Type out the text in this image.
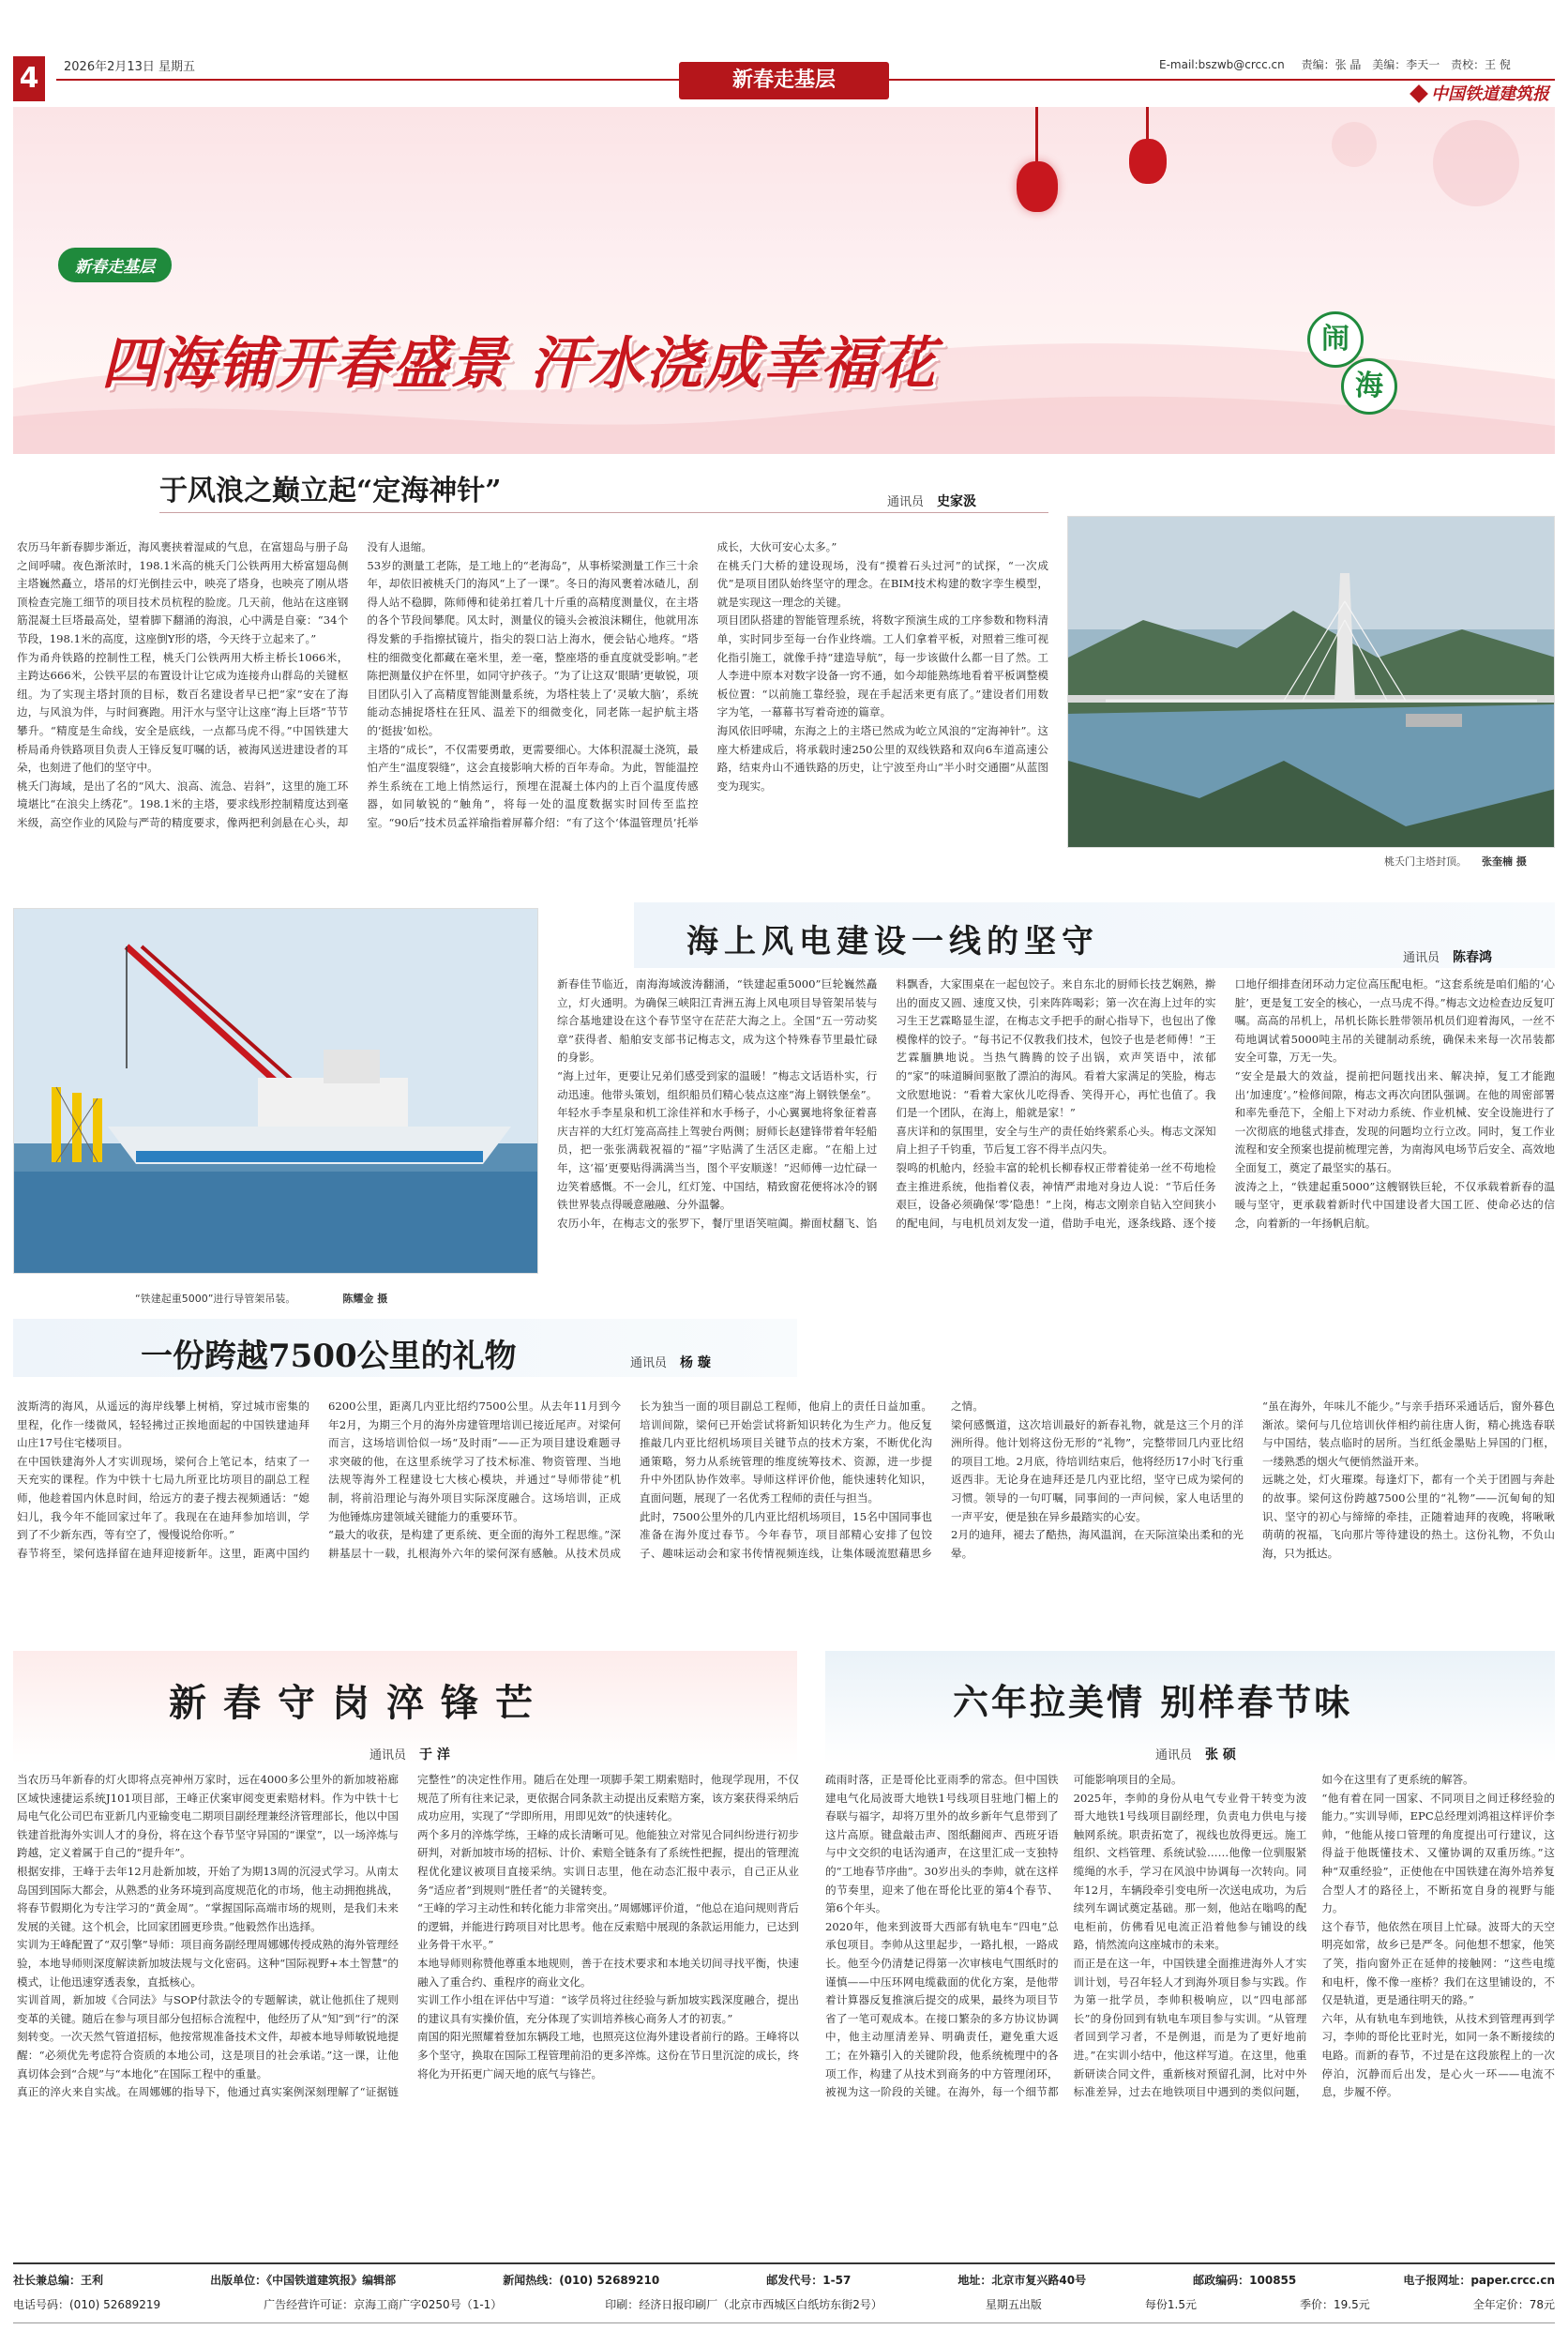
4	2026年2月13日 星期五
新春走基层
E-mail:bszwb@crcc.cn 责编：张 晶 美编：李天一 责校：王 倪
中国铁道建筑报
新春走基层
四海铺开春盛景 汗水浇成幸福花	闹
海
于风浪之巅立起“定海神针”	通讯员 史家汲
农历马年新春脚步渐近，海风裹挟着湿咸的气息，在富翅岛与册子岛之间呼啸。夜色渐浓时，198.1米高的桃夭门公铁两用大桥富翅岛侧主塔巍然矗立，塔吊的灯光倒挂云中，映亮了塔身，也映亮了刚从塔顶检查完施工细节的项目技术员杭程的脸庞。几天前，他站在这座钢筋混凝土巨塔最高处，望着脚下翻涌的海浪，心中满是自豪：“34个节段，198.1米的高度，这座倒Y形的塔，今天终于立起来了。”
作为甬舟铁路的控制性工程，桃夭门公铁两用大桥主桥长1066米，主跨达666米，公铁平层的布置设计让它成为连接舟山群岛的关键枢纽。为了实现主塔封顶的目标，数百名建设者早已把“家”安在了海边，与风浪为伴，与时间赛跑。用汗水与坚守让这座“海上巨塔”节节攀升。“精度是生命线，安全是底线，一点都马虎不得。”中国铁建大桥局甬舟铁路项目负责人王锋反复叮嘱的话，被海风送进建设者的耳朵，也刻进了他们的坚守中。
桃夭门海域，是出了名的“风大、浪高、流急、岩斜”，这里的施工环境堪比“在浪尖上绣花”。198.1米的主塔，要求线形控制精度达到毫米级，高空作业的风险与严苛的精度要求，像两把利剑悬在心头，却没有人退缩。
53岁的测量工老陈，是工地上的“老海岛”，从事桥梁测量工作三十余年，却依旧被桃夭门的海风“上了一课”。冬日的海风裹着冰碴儿，刮得人站不稳脚，陈师傅和徒弟扛着几十斤重的高精度测量仪，在主塔的各个节段间攀爬。风太时，测量仪的镜头会被浪沫糊住，他就用冻得发紫的手指擦拭镜片，指尖的裂口沾上海水，便会钻心地疼。“塔柱的细微变化都藏在毫米里，差一毫，整座塔的垂直度就受影响。”老陈把测量仪护在怀里，如同守护孩子。“为了让这双‘眼睛’更敏锐，项目团队引入了高精度智能测量系统，为塔柱装上了‘灵敏大脑’，系统能动态捕捉塔柱在狂风、温差下的细微变化，同老陈一起护航主塔的‘挺拔’如松。
主塔的“成长”，不仅需要勇敢，更需要细心。大体积混凝土浇筑，最怕产生“温度裂缝”，这会直接影响大桥的百年寿命。为此，智能温控养生系统在工地上悄然运行，预埋在混凝土体内的上百个温度传感器，如同敏锐的“触角”，将每一处的温度数据实时回传至监控室。“90后”技术员孟祥瑜指着屏幕介绍：“有了这个‘体温管理员’托举成长，大伙可安心太多。”
在桃夭门大桥的建设现场，没有“摸着石头过河”的试探，“一次成优”是项目团队始终坚守的理念。在BIM技术构建的数字孪生模型，就是实现这一理念的关键。
项目团队搭建的智能管理系统，将数字预演生成的工序参数和物料清单，实时同步至每一台作业终端。工人们拿着平板，对照着三维可视化指引施工，就像手持“建造导航”，每一步该做什么都一目了然。工人李进中原本对数字设备一窍不通，如今却能熟练地看着平板调整模板位置：“以前施工靠经验，现在手起活来更有底了。”建设者们用数字为笔，一幕幕书写着奇迹的篇章。
海风依旧呼啸，东海之上的主塔已然成为屹立风浪的“定海神针”。这座大桥建成后，将承载时速250公里的双线铁路和双向6车道高速公路，结束舟山不通铁路的历史，让宁波至舟山“半小时交通圈”从蓝图变为现实。
桃夭门主塔封顶。 张奎楠 摄
海上风电建设一线的坚守	通讯员 陈春鸿
“铁建起重5000”进行导管架吊装。	陈耀金 摄
新春佳节临近，南海海域波涛翻涌，“铁建起重5000”巨轮巍然矗立，灯火通明。为确保三峡阳江青洲五海上风电项目导管架吊装与综合基地建设在这个春节坚守在茫茫大海之上。全国“五一劳动奖章”获得者、船舶安支部书记梅志文，成为这个特殊春节里最忙碌的身影。
“海上过年，更要让兄弟们感受到家的温暖！”梅志文话语朴实，行动迅速。他带头策划，组织船员们精心装点这座“海上钢铁堡垒”。年轻水手李星泉和机工涂佳祥和水手杨子，小心翼翼地将象征着喜庆吉祥的大红灯笼高高挂上驾驶台两侧；厨师长赵建锋带着年轻船员，把一张张满载祝福的“福”字贴满了生活区走廊。“在船上过年，这‘福’更要贴得满满当当，图个平安顺遂！”迟师傅一边忙碌一边笑着感慨。不一会儿，红灯笼、中国结，精致窗花便将冰冷的钢铁世界装点得暖意融融、分外温馨。
农历小年，在梅志文的张罗下，餐厅里语笑喧阗。擀面杖翻飞、馅料飘香，大家围桌在一起包饺子。来自东北的厨师长技艺娴熟，擀出的面皮又圆、速度又快，引来阵阵喝彩；第一次在海上过年的实习生王艺霖略显生涩，在梅志文手把手的耐心指导下，也包出了像模像样的饺子。“每书记不仅教我们技术，包饺子也是老师傅！”王艺霖腼腆地说。当热气腾腾的饺子出锅，欢声笑语中，浓郁的“家”的味道瞬间驱散了漂泊的海风。看着大家满足的笑脸，梅志文欣慰地说：“看着大家伙儿吃得香、笑得开心，再忙也值了。我们是一个团队，在海上，船就是家！”
喜庆详和的氛围里，安全与生产的责任始终萦系心头。梅志文深知肩上担子千钧重，节后复工容不得半点闪失。
裂鸣的机舱内，经验丰富的轮机长柳春权正带着徒弟一丝不苟地检查主推进系统，他指着仪表，神情严肃地对身边人说：“节后任务艰巨，设备必须确保‘零’隐患！”上岗，梅志文刚亲自钻入空间狭小的配电间，与电机员刘友发一道，借助手电光，逐条线路、逐个接口地仔细排查闭环动力定位高压配电柜。“这套系统是咱们船的‘心脏’，更是复工安全的核心，一点马虎不得。”梅志文边检查边反复叮嘱。高高的吊机上，吊机长陈长胜带领吊机员们迎着海风，一丝不苟地调试着5000吨主吊的关键制动系统，确保未来每一次吊装都安全可靠，万无一失。
“安全是最大的效益，提前把问题找出来、解决掉，复工才能跑出‘加速度’。”检修间隙，梅志文再次向团队强调。在他的周密部署和率先垂范下，全船上下对动力系统、作业机械、安全设施进行了一次彻底的地毯式排查，发现的问题均立行立改。同时，复工作业流程和安全预案也提前梳理完善，为南海风电场节后安全、高效地全面复工，奠定了最坚实的基石。
波涛之上，“铁建起重5000”这艘钢铁巨轮，不仅承载着新春的温暖与坚守，更承载着新时代中国建设者大国工匠、使命必达的信念，向着新的一年扬帆启航。
一份跨越7500公里的礼物	通讯员 杨 璇
波斯湾的海风，从遥远的海岸线攀上树梢，穿过城市密集的里程，化作一缕微风，轻轻拂过正挨地面起的中国铁建迪拜山庄17号住宅楼项目。
在中国铁建海外人才实训现场，梁何合上笔记本，结束了一天充实的课程。作为中铁十七局九所亚比坊项目的副总工程师，他趁着国内休息时间，给远方的妻子搜去视频通话：“媳妇儿，我今年不能回家过年了。我现在在迪拜参加培训，学到了不少新东西，等有空了，慢慢说给你听。”
春节将至，梁何选择留在迪拜迎接新年。这里，距离中国约6200公里，距离几内亚比绍约7500公里。从去年11月到今年2月，为期三个月的海外房建管理培训已接近尾声。对梁何而言，这场培训恰似一场“及时雨”——正为项目建设难题寻求突破的他，在这里系统学习了技术标准、物资管理、当地法规等海外工程建设七大核心模块，并通过“导师带徒”机制，将前沿理论与海外项目实际深度融合。这场培训，正成为他锤炼房建领域关键能力的重要环节。
“最大的收获，是构建了更系统、更全面的海外工程思维。”深耕基层十一载，扎根海外六年的梁何深有感触。从技术员成长为独当一面的项目副总工程师，他肩上的责任日益加重。培训间隙，梁何已开始尝试将新知识转化为生产力。他反复推敲几内亚比绍机场项目关键节点的技术方案，不断优化沟通策略，努力从系统管理的维度统筹技术、资源，进一步提升中外团队协作效率。导师这样评价他，能快速转化知识，直面问题，展现了一名优秀工程师的责任与担当。
此时，7500公里外的几内亚比绍机场项目，15名中国同事也准备在海外度过春节。今年春节，项目部精心安排了包饺子、趣味运动会和家书传情视频连线，让集体暖流慰藉思乡之情。
梁何感慨道，这次培训最好的新春礼物，就是这三个月的洋洲所得。他计划将这份无形的“礼物”，完整带回几内亚比绍的项目工地。2月底，待培训结束后，他将经历17小时飞行重返西非。无论身在迪拜还是几内亚比绍，坚守已成为梁何的习惯。领导的一句叮嘱，同事间的一声问候，家人电话里的一声平安，便是独在异乡最踏实的心安。
2月的迪拜，褪去了酷热，海风温润，在天际渲染出柔和的光晕。
“虽在海外，年味儿不能少。”与亲手捂环采通话后，窗外暮色渐浓。梁何与几位培训伙伴相约前往唐人街，精心挑选春联与中国结，装点临时的居所。当红纸金墨贴上异国的门框，一缕熟悉的烟火气便悄然溢开来。
远眺之处，灯火璀璨。每逢灯下，都有一个关于团圆与奔赴的故事。梁何这份跨越7500公里的“礼物”——沉甸甸的知识、坚守的初心与缔缔的牵挂，正随着迪拜的夜晚，将啾啾萌萌的祝福，飞向那片等待建设的热土。这份礼物，不负山海，只为抵达。
新春守岗淬锋芒
通讯员 于 洋
当农历马年新春的灯火即将点亮神州万家时，远在4000多公里外的新加坡裕廊区域快速捷运系统J101项目部，王峰正伏案审阅变更索赔材料。作为中铁十七局电气化公司巴布亚新几内亚输变电二期项目副经理兼经济管理部长，他以中国铁建首批海外实训人才的身份，将在这个春节坚守异国的“课堂”，以一场淬炼与跨越，定义着属于自己的“提升年”。
根据安排，王峰于去年12月赴新加坡，开始了为期13周的沉浸式学习。从南太岛国到国际大都会，从熟悉的业务环境到高度规范化的市场，他主动拥抱挑战，将春节假期化为专注学习的“黄金周”。“掌握国际高端市场的规则，是我们未来发展的关键。这个机会，比回家团圆更珍贵。”他毅然作出选择。
实训为王峰配置了“双引擎”导师：项目商务副经理周娜娜传授成熟的海外管理经验，本地导师则深度解读新加坡法规与文化密码。这种“国际视野+本土智慧”的模式，让他迅速穿透表象，直抵核心。
实训首周，新加坡《合同法》与SOP付款法令的专题解读，就让他抓住了规则变革的关键。随后在参与项目部分包招标合流程中，他经历了从“知”到“行”的深刻转变。一次天然气管道招标，他按常规准备技术文件，却被本地导师敏锐地提醒：“必须优先考虑符合资质的本地公司，这是项目的社会承诺。”这一课，让他真切体会到“合规”与“本地化”在国际工程中的重量。
真正的淬火来自实战。在周娜娜的指导下，他通过真实案例深刻理解了“证据链完整性”的决定性作用。随后在处理一项脚手架工期索赔时，他现学现用，不仅规范了所有往来记录，更依据合同条款主动提出反索赔方案，该方案获得采纳后成功应用，实现了“学即所用，用即见效”的快速转化。
两个多月的淬炼学练，王峰的成长清晰可见。他能独立对常见合同纠纷进行初步研判，对新加坡市场的招标、计价、索赔全链条有了系统性把握，提出的管理流程优化建议被项目直接采纳。实训日志里，他在动态汇报中表示，自己正从业务“适应者”到规则“胜任者”的关键转变。
“王峰的学习主动性和转化能力非常突出。”周娜娜评价道，“他总在追问规则背后的逻辑，并能进行跨项目对比思考。他在反索赔中展现的条款运用能力，已达到业务骨干水平。”
本地导师则称赞他尊重本地规则，善于在技术要求和本地关切间寻找平衡，快速融入了重合约、重程序的商业文化。
实训工作小组在评估中写道：“该学员将过往经验与新加坡实践深度融合，提出的建议具有实操价值，充分体现了实训培养核心商务人才的初衷。”
南国的阳光照耀着登加东辆段工地，也照亮这位海外建设者前行的路。王峰将以多个坚守，换取在国际工程管理前沿的更多淬炼。这份在节日里沉淀的成长，终将化为开拓更广阔天地的底气与锋芒。
六年拉美情 别样春节味
通讯员 张 硕
疏雨时落，正是哥伦比亚雨季的常态。但中国铁建电气化局波哥大地铁1号线项目驻地门楣上的春联与福字，却将万里外的故乡新年气息带到了这片高原。键盘敲击声、图纸翻阅声、西班牙语与中文交织的电话沟通声，在这里汇成一支独特的“工地春节序曲”。30岁出头的李帅，就在这样的节奏里，迎来了他在哥伦比亚的第4个春节、第6个年头。
2020年，他来到波哥大西部有轨电车“四电”总承包项目。李帅从这里起步，一路扎根，一路成长。他至今仍清楚记得第一次审核电气围纸时的谨慎——中压环网电缆截面的优化方案，是他带着计算器反复推演后提交的成果，最终为项目节省了一笔可观成本。在接口繁杂的多方协议协调中，他主动厘清差异、明确责任，避免重大返工；在外籍引入的关键阶段，他系统梳理中的各项工作，构建了从技术到商务的中方管理闭环，被视为这一阶段的关键。在海外，每一个细节都可能影响项目的全局。
2025年，李帅的身份从电气专业骨干转变为波哥大地铁1号线项目副经理，负责电力供电与接触网系统。职责拓宽了，视线也放得更远。施工组织、文档管理、系统试验……他像一位驯服紧缆绳的水手，学习在风浪中协调每一次转向。同年12月，车辆段牵引变电所一次送电成功，为后续列车调试奠定基础。那一刻，他站在嗡鸣的配电柜前，仿佛看见电流正沿着他参与铺设的线路，悄然流向这座城市的未来。
而正是在这一年，中国铁建全面推进海外人才实训计划，号召年轻人才到海外项目参与实践。作为第一批学员，李帅积极响应，以“四电部部长”的身份回到有轨电车项目参与实训。“从管理者回到学习者，不是例退，而是为了更好地前进。”在实训小结中，他这样写道。在这里，他重新研读合同文件，重新核对预留孔洞，比对中外标准差异，过去在地铁项目中遇到的类似问题，如今在这里有了更系统的解答。
“他有着在同一国家、不同项目之间迁移经验的能力。”实训导师，EPC总经理刘鸿祖这样评价李帅，“他能从接口管理的角度提出可行建议，这得益于他既懂技术、又懂协调的双重历练。”这种“双重经验”，正使他在中国铁建在海外培养复合型人才的路径上，不断拓宽自身的视野与能力。
这个春节，他依然在项目上忙碌。波哥大的天空明亮如常，故乡已是严冬。问他想不想家，他笑了笑，指向窗外正在延伸的接触网：“这些电缆和电杆，像不像一座桥？我们在这里铺设的，不仅是轨道，更是通往明天的路。”
六年，从有轨电车到地铁，从技术到管理再到学习，李帅的哥伦比亚时光，如同一条不断接续的电路。而新的春节，不过是在这段旅程上的一次停泊，沉静而后出发，是心火一环——电流不息，步履不停。
社长兼总编：王利	出版单位：《中国铁道建筑报》编辑部	新闻热线：(010) 52689210	邮发代号：1-57	地址：北京市复兴路40号	邮政编码：100855	电子报网址：paper.crcc.cn
电话号码：(010) 52689219	广告经营许可证：京海工商广字0250号（1-1）	印刷：经济日报印刷厂（北京市西城区白纸坊东街2号）	星期五出版	每份1.5元	季价：19.5元	全年定价：78元
